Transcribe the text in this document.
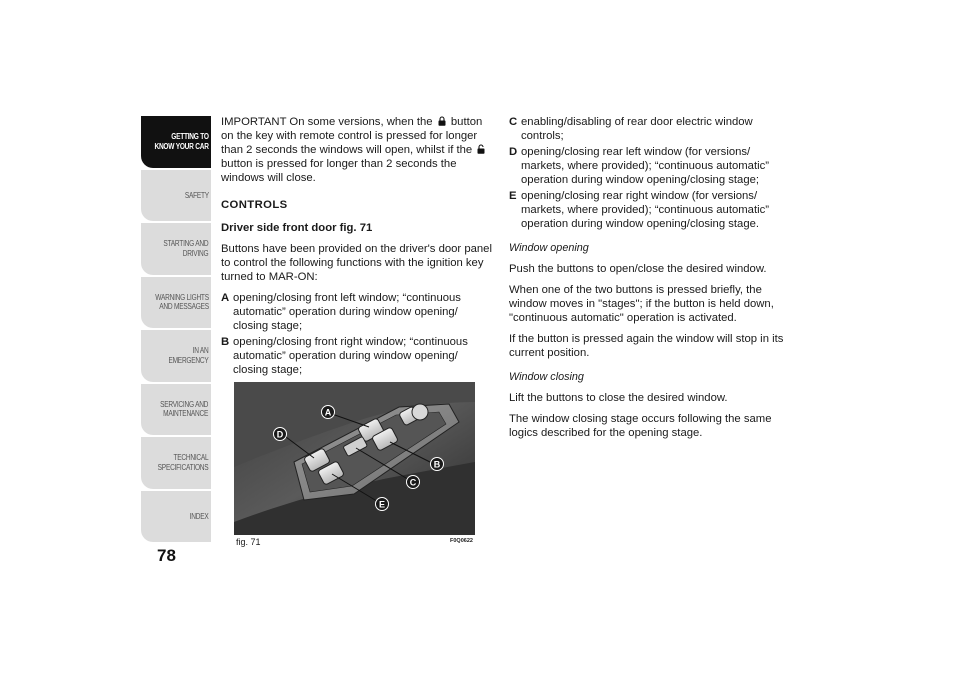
GETTING TO
KNOW YOUR CAR
SAFETY
STARTING AND
DRIVING
WARNING LIGHTS
AND MESSAGES
IN AN EMERGENCY
SERVICING AND
MAINTENANCE
TECHNICAL
SPECIFICATIONS
INDEX
78

IMPORTANT On some versions, when the button on the key with remote control is pressed for longer than 2 seconds the windows will open, whilst if the  button is pressed for longer than 2 seconds the windows will close.

CONTROLS
Driver side front door fig. 71

Buttons have been provided on the driver's door panel to control the following functions with the ignition key turned to MAR-ON:

A opening/closing front left window; “continuous automatic” operation during window opening/ closing stage;
B opening/closing front right window; “continuous automatic” operation during window opening/ closing stage;
A
B
C
D
E
fig. 71	F0Q0622
C enabling/disabling of rear door electric window controls;
D opening/closing rear left window (for versions/ markets, where provided); “continuous automatic” operation during window opening/closing stage;
E opening/closing rear right window (for versions/ markets, where provided); “continuous automatic” operation during window opening/closing stage.
Window opening

Push the buttons to open/close the desired window.

When one of the two buttons is pressed briefly, the window moves in "stages"; if the button is held down, "continuous automatic" operation is activated.

If the button is pressed again the window will stop in its current position.

Window closing

Lift the buttons to close the desired window.

The window closing stage occurs following the same logics described for the opening stage.
